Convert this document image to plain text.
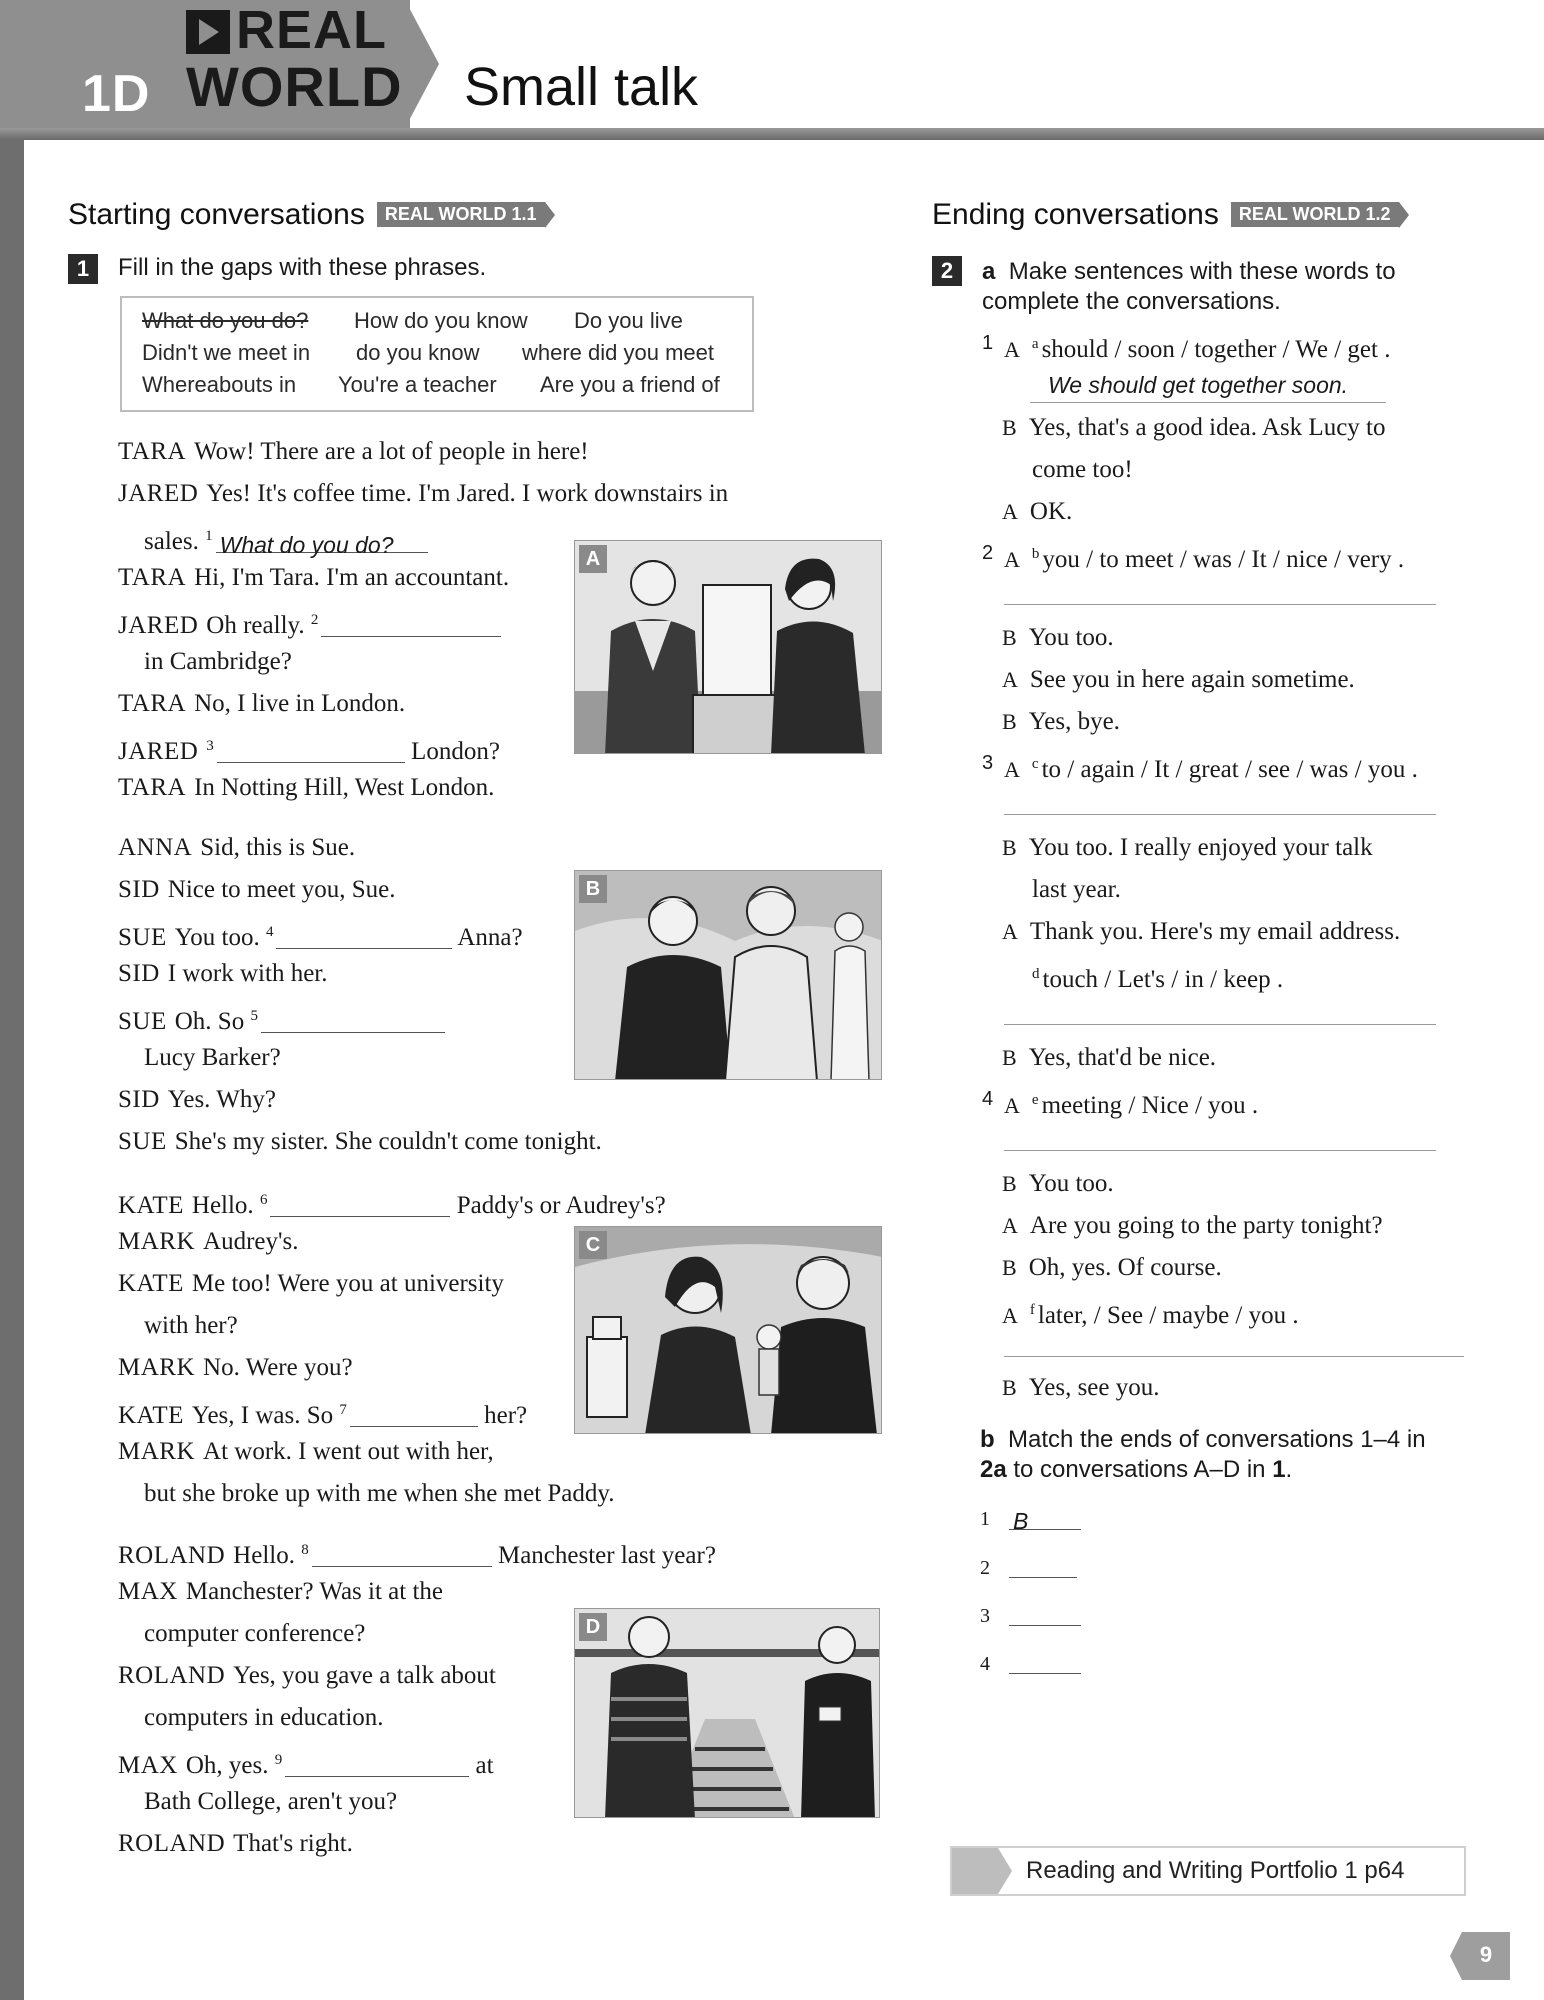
REAL
WORLD
1D	Small talk
Starting conversations REAL WORLD 1.1
1	Fill in the gaps with these phrases.
What do you do? How do you know Do you live
Didn't we meet in do you know where did you meet
Whereabouts in You're a teacher Are you a friend of
TARA Wow! There are a lot of people in here!
JARED Yes! It's coffee time. I'm Jared. I work downstairs in
sales. $^1$ What do you do?
TARA Hi, I'm Tara. I'm an accountant.
JARED Oh really. $^2$
in Cambridge?
TARA No, I live in London.
JARED $^3$	London?
TARA In Notting Hill, West London.
A
ANNA Sid, this is Sue.
SID Nice to meet you, Sue.
SUE You too. $^4$	Anna?
SID I work with her.
SUE Oh. So $^5$
Lucy Barker?
SID Yes. Why?
SUE She's my sister. She couldn't come tonight.
B
KATE Hello. $^6$	Paddy's or Audrey's?
MARK Audrey's.
KATE Me too! Were you at university
with her?
MARK No. Were you?
KATE Yes, I was. So $^7$	her?
MARK At work. I went out with her,
but she broke up with me when she met Paddy.
C
ROLAND Hello. $^8$	Manchester last year?
MAX Manchester? Was it at the
computer conference?
ROLAND Yes, you gave a talk about
computers in education.
MAX Oh, yes. $^9$	at
Bath College, aren't you?
ROLAND That's right.
D
Ending conversations REAL WORLD 1.2
2	a Make sentences with these words to
complete the conversations.
1 A $^a$ should / soon / together / We / get .
We should get together soon.
B Yes, that's a good idea. Ask Lucy to
come too!
A OK.
2 A $^b$ you / to meet / was / It / nice / very .
B You too.
A See you in here again sometime.
B Yes, bye.
3 A $^c$ to / again / It / great / see / was / you .
B You too. I really enjoyed your talk
last year.
A Thank you. Here's my email address.
$^d$ touch / Let's / in / keep .
B Yes, that'd be nice.
4 A $^e$ meeting / Nice / you .
B You too.
A Are you going to the party tonight?
B Oh, yes. Of course.
A $^f$ later, / See / maybe / you .
B Yes, see you.
b Match the ends of conversations 1–4 in
2a to conversations A–D in 1.
1 B
2
3
4
Reading and Writing Portfolio 1 p64
9
